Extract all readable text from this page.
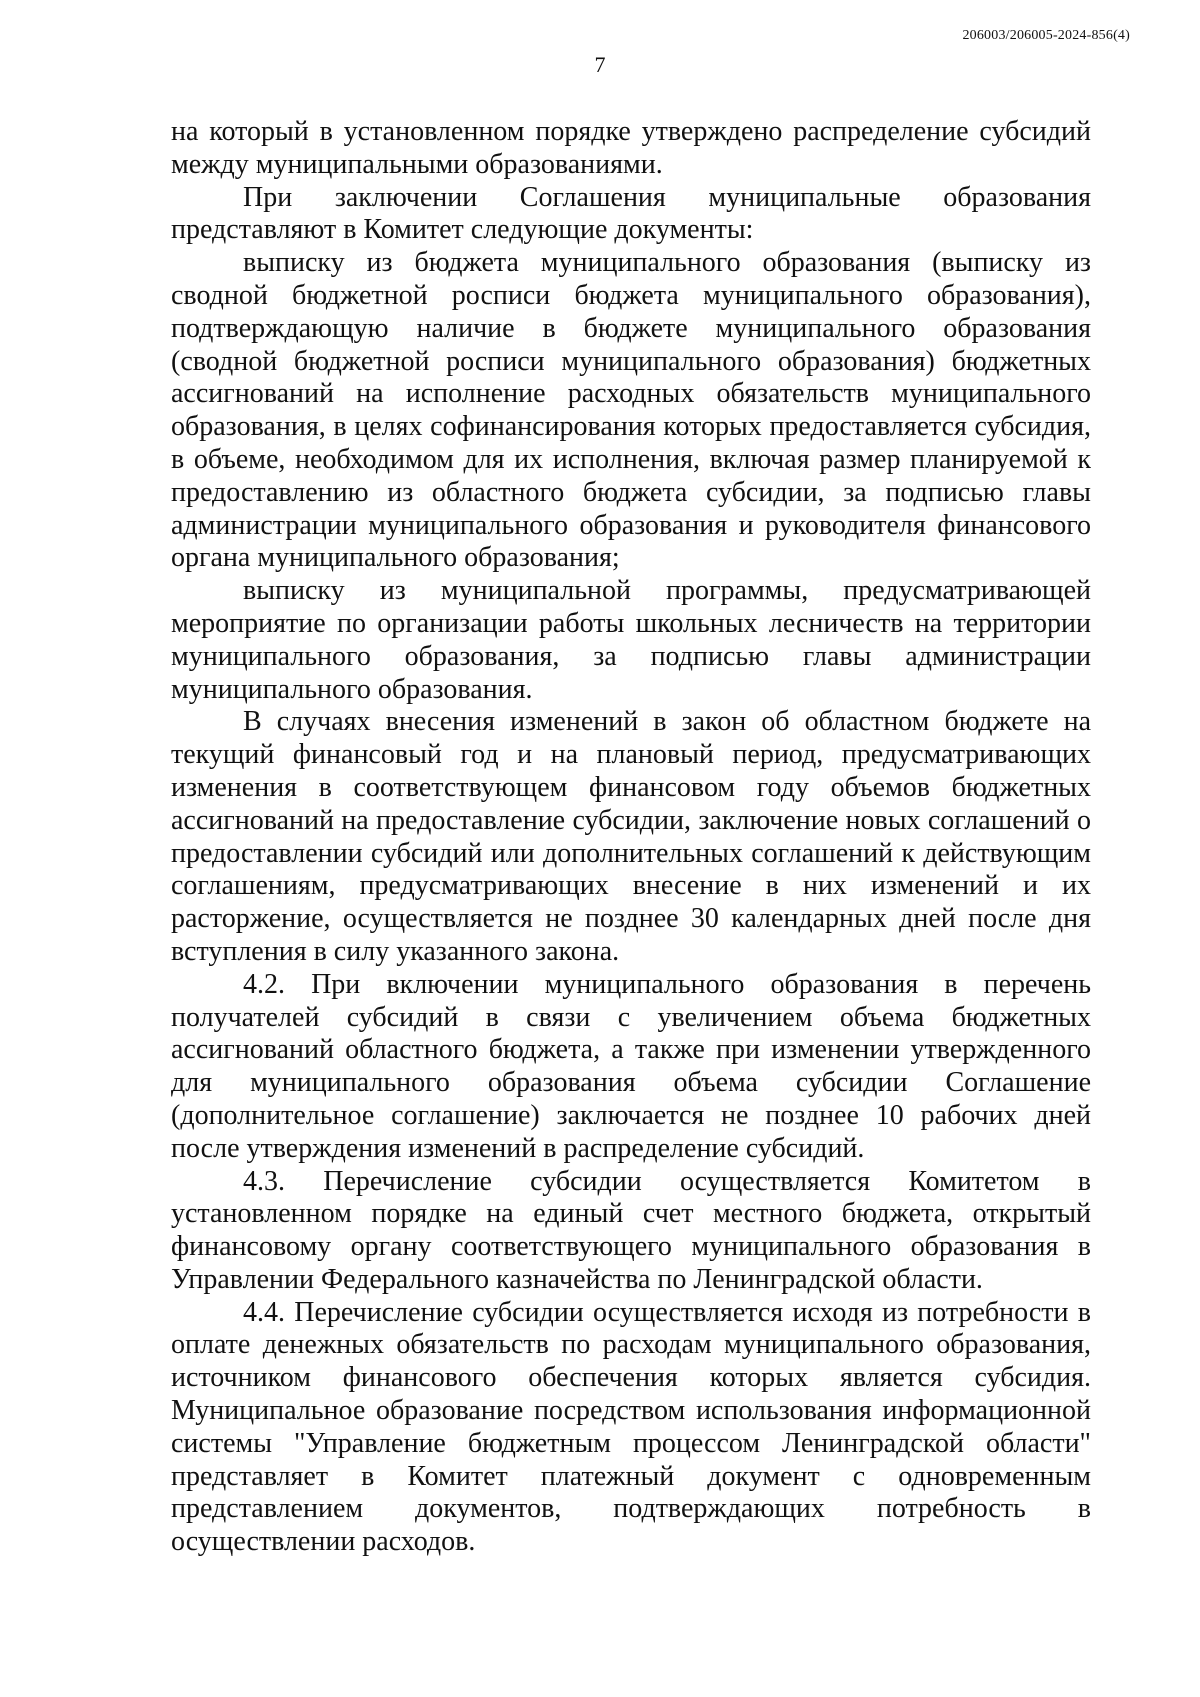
206003/206005-2024-856(4)
7

на который в установленном порядке утверждено распределение субсидий между муниципальными образованиями.

При заключении Соглашения муниципальные образования представляют в Комитет следующие документы:

выписку из бюджета муниципального образования (выписку из сводной бюджетной росписи бюджета муниципального образования), подтверждающую наличие в бюджете муниципального образования (сводной бюджетной росписи муниципального образования) бюджетных ассигнований на исполнение расходных обязательств муниципального образования, в целях софинансирования которых предоставляется субсидия, в объеме, необходимом для их исполнения, включая размер планируемой к предоставлению из областного бюджета субсидии, за подписью главы администрации муниципального образования и руководителя финансового органа муниципального образования;

выписку из муниципальной программы, предусматривающей мероприятие по организации работы школьных лесничеств на территории муниципального образования, за подписью главы администрации муниципального образования.

В случаях внесения изменений в закон об областном бюджете на текущий финансовый год и на плановый период, предусматривающих изменения в соответствующем финансовом году объемов бюджетных ассигнований на предоставление субсидии, заключение новых соглашений о предоставлении субсидий или дополнительных соглашений к действующим соглашениям, предусматривающих внесение в них изменений и их расторжение, осуществляется не позднее 30 календарных дней после дня вступления в силу указанного закона.

4.2. При включении муниципального образования в перечень получателей субсидий в связи с увеличением объема бюджетных ассигнований областного бюджета, а также при изменении утвержденного для муниципального образования объема субсидии Соглашение (дополнительное соглашение) заключается не позднее 10 рабочих дней после утверждения изменений в распределение субсидий.

4.3. Перечисление субсидии осуществляется Комитетом в установленном порядке на единый счет местного бюджета, открытый финансовому органу соответствующего муниципального образования в Управлении Федерального казначейства по Ленинградской области.

4.4. Перечисление субсидии осуществляется исходя из потребности в оплате денежных обязательств по расходам муниципального образования, источником финансового обеспечения которых является субсидия. Муниципальное образование посредством использования информационной системы "Управление бюджетным процессом Ленинградской области" представляет в Комитет платежный документ с одновременным представлением документов, подтверждающих потребность в осуществлении расходов.
